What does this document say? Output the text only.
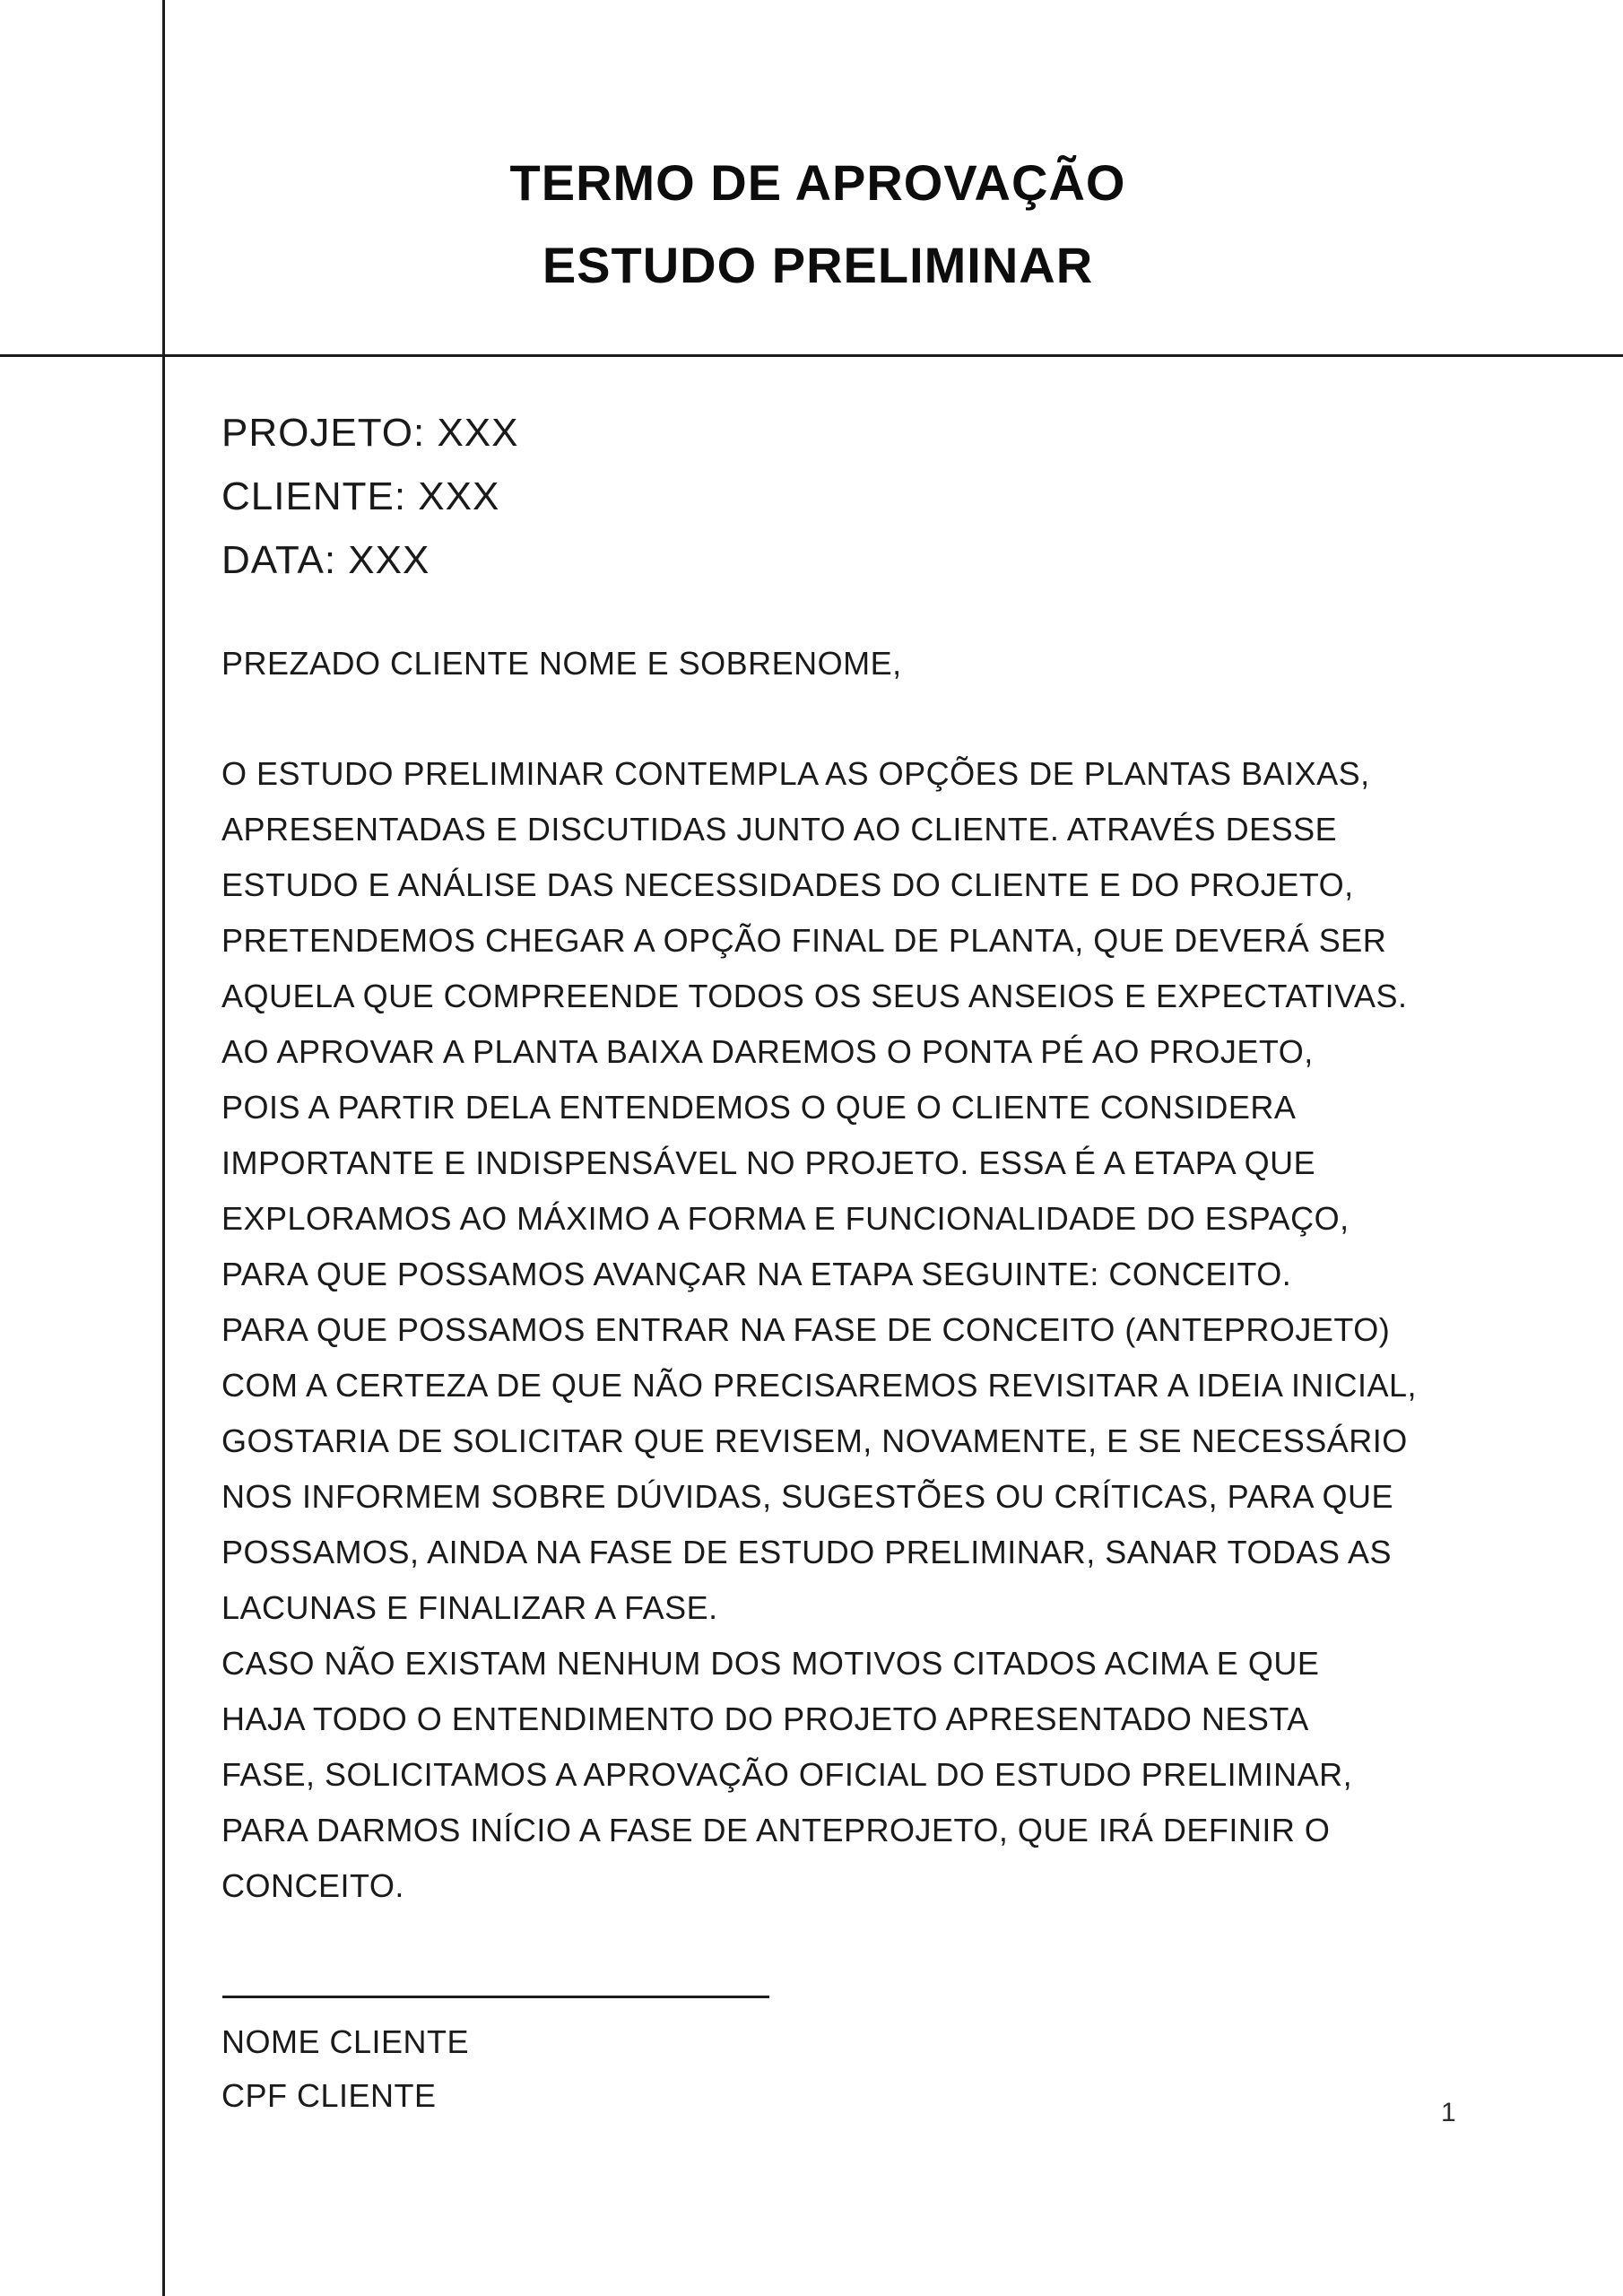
TERMO DE APROVAÇÃO
ESTUDO PRELIMINAR
PROJETO: XXX
CLIENTE: XXX
DATA: XXX
PREZADO CLIENTE NOME E SOBRENOME,
O ESTUDO PRELIMINAR CONTEMPLA AS OPÇÕES DE PLANTAS BAIXAS,
APRESENTADAS E DISCUTIDAS JUNTO AO CLIENTE. ATRAVÉS DESSE
ESTUDO E ANÁLISE DAS NECESSIDADES DO CLIENTE E DO PROJETO,
PRETENDEMOS CHEGAR A OPÇÃO FINAL DE PLANTA, QUE DEVERÁ SER
AQUELA QUE COMPREENDE TODOS OS SEUS ANSEIOS E EXPECTATIVAS.
AO APROVAR A PLANTA BAIXA DAREMOS O PONTA PÉ AO PROJETO,
POIS A PARTIR DELA ENTENDEMOS O QUE O CLIENTE CONSIDERA
IMPORTANTE E INDISPENSÁVEL NO PROJETO. ESSA É A ETAPA QUE
EXPLORAMOS AO MÁXIMO A FORMA E FUNCIONALIDADE DO ESPAÇO,
PARA QUE POSSAMOS AVANÇAR NA ETAPA SEGUINTE: CONCEITO.
PARA QUE POSSAMOS ENTRAR NA FASE DE CONCEITO (ANTEPROJETO)
COM A CERTEZA DE QUE NÃO PRECISAREMOS REVISITAR A IDEIA INICIAL,
GOSTARIA DE SOLICITAR QUE REVISEM, NOVAMENTE, E SE NECESSÁRIO
NOS INFORMEM SOBRE DÚVIDAS, SUGESTÕES OU CRÍTICAS, PARA QUE
POSSAMOS, AINDA NA FASE DE ESTUDO PRELIMINAR, SANAR TODAS AS
LACUNAS E FINALIZAR A FASE.
CASO NÃO EXISTAM NENHUM DOS MOTIVOS CITADOS ACIMA E QUE
HAJA TODO O ENTENDIMENTO DO PROJETO APRESENTADO NESTA
FASE, SOLICITAMOS A APROVAÇÃO OFICIAL DO ESTUDO PRELIMINAR,
PARA DARMOS INÍCIO A FASE DE ANTEPROJETO, QUE IRÁ DEFINIR O
CONCEITO.
NOME CLIENTE
CPF CLIENTE	1
